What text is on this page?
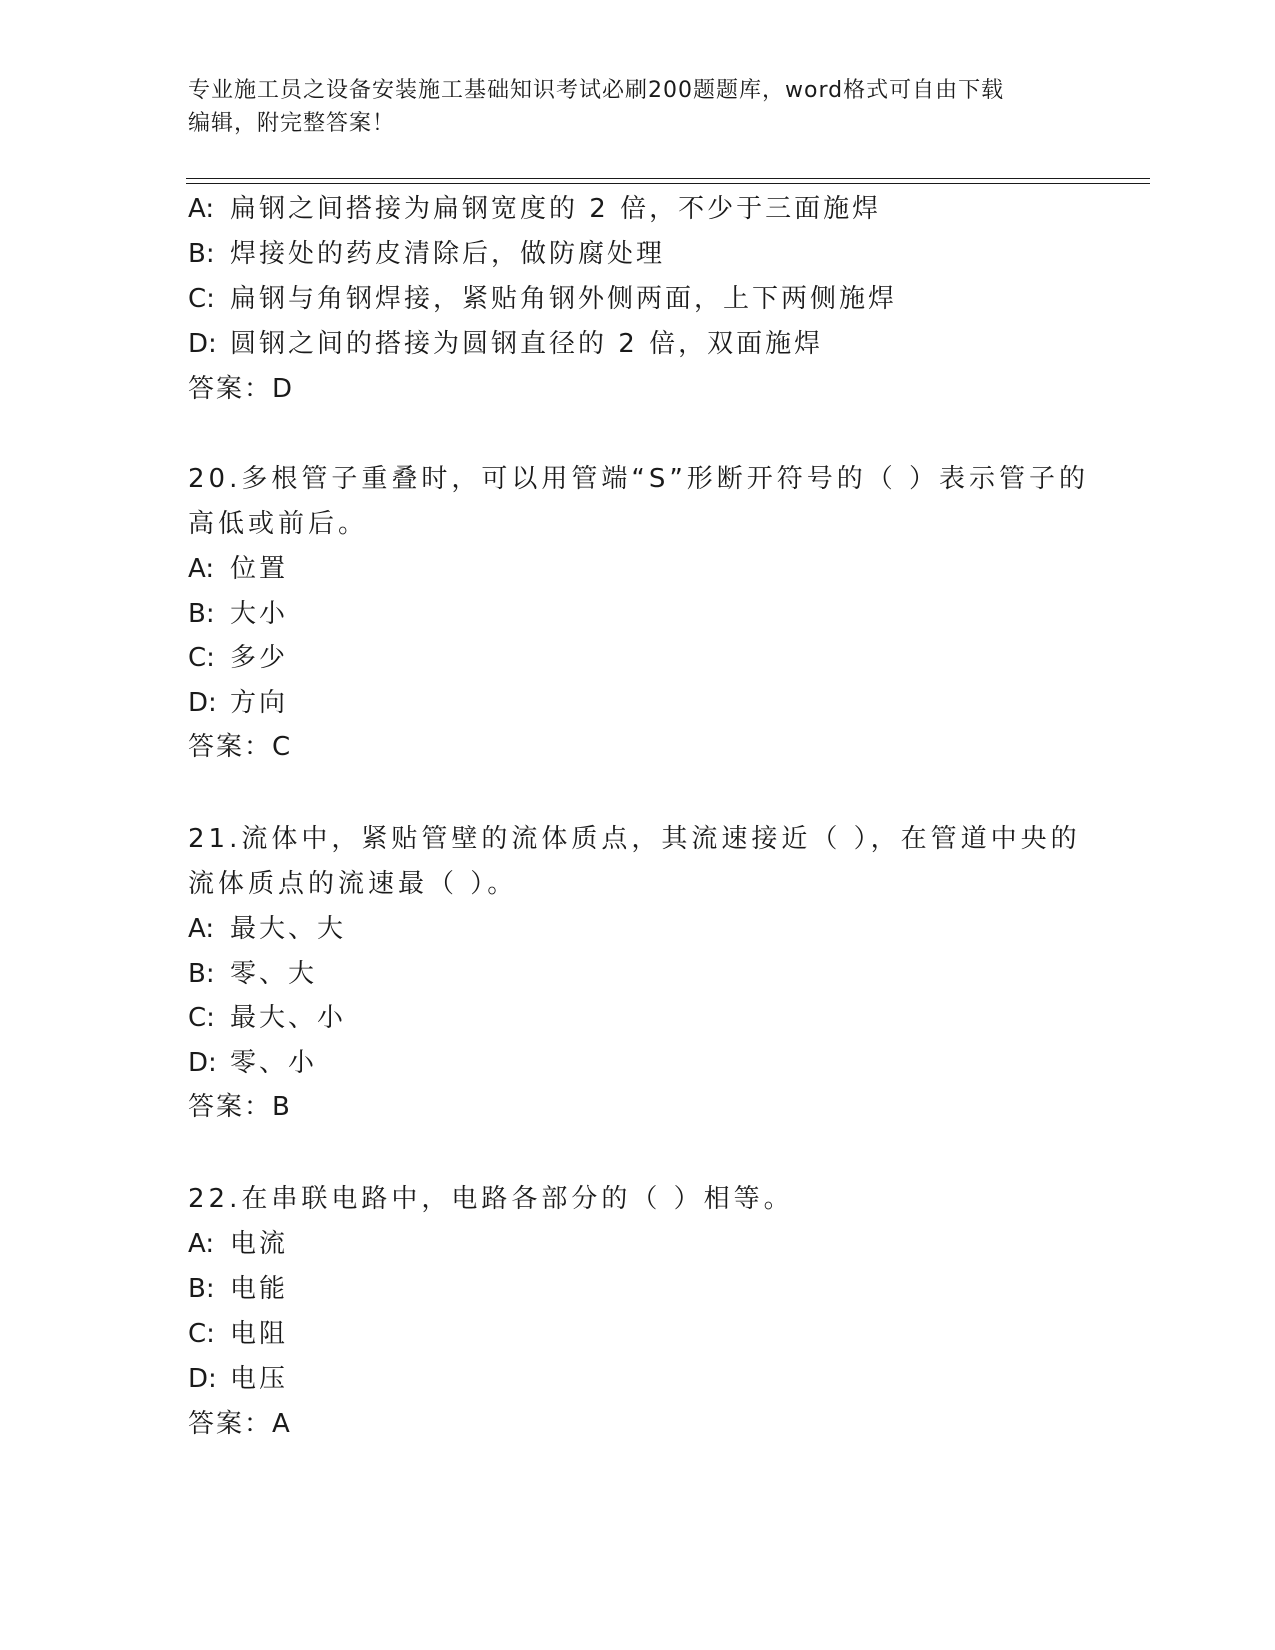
专业施工员之设备安装施工基础知识考试必刷200题题库，word格式可自由下载
编辑，附完整答案！
A: 扁钢之间搭接为扁钢宽度的 2 倍，不少于三面施焊
B: 焊接处的药皮清除后，做防腐处理
C: 扁钢与角钢焊接，紧贴角钢外侧两面，上下两侧施焊
D: 圆钢之间的搭接为圆钢直径的 2 倍，双面施焊
答案：D
20.多根管子重叠时，可以用管端“S”形断开符号的（ ）表示管子的
高低或前后。
A: 位置
B: 大小
C: 多少
D: 方向
答案：C
21.流体中，紧贴管壁的流体质点，其流速接近（ ），在管道中央的
流体质点的流速最（ ）。
A: 最大、大
B: 零、大
C: 最大、小
D: 零、小
答案：B
22.在串联电路中，电路各部分的（ ）相等。
A: 电流
B: 电能
C: 电阻
D: 电压
答案：A
